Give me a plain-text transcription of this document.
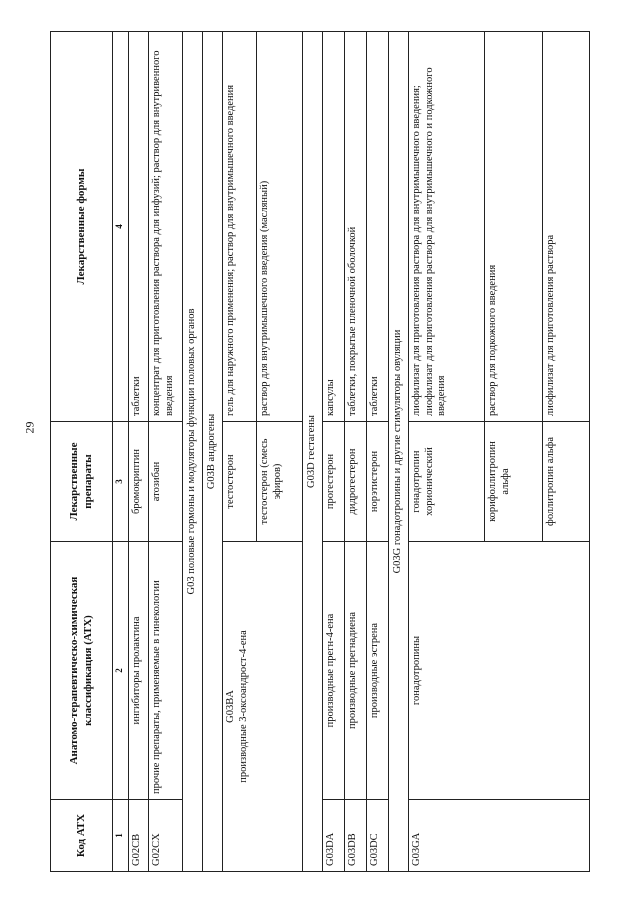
29
Код АТХ	Анатомо-терапевтическо-химическая классификация (АТХ)	Лекарственные препараты	Лекарственные формы
1	2	3	4
G02CB	ингибиторы пролактина	бромокриптин	таблетки
G02CX	прочие препараты, применяемые в гинекологии	атозибан	концентрат для приготовления раствора для инфузий; раствор для внутривенного введения
G03 половые гормоны и модуляторы функции половых органов			
G03B андрогены			

G03BA производные 3-оксоандрост-4-ена		тестостерон	гель для наружного применения; раствор для внутримышечного введения
		тестостерон (смесь эфиров)	раствор для внутримышечного введения (масляный)
G03D гестагены			
G03DA	производные прегн-4-ена	прогестерон	капсулы
G03DB	производные прегнадиена	дидрогестерон	таблетки, покрытые пленочной оболочкой
G03DC	производные эстрена	норэтистерон	таблетки
G03G гонадотропины и другие стимуляторы овуляции			
G03GA	гонадотропины	гонадотропин хорионический	лиофилизат для приготовления раствора для внутримышечного введения; лиофилизат для приготовления раствора для внутримышечного и подкожного введения
		корифоллитропин альфа	раствор для подкожного введения
		фоллитропин альфа	лиофилизат для приготовления раствора
